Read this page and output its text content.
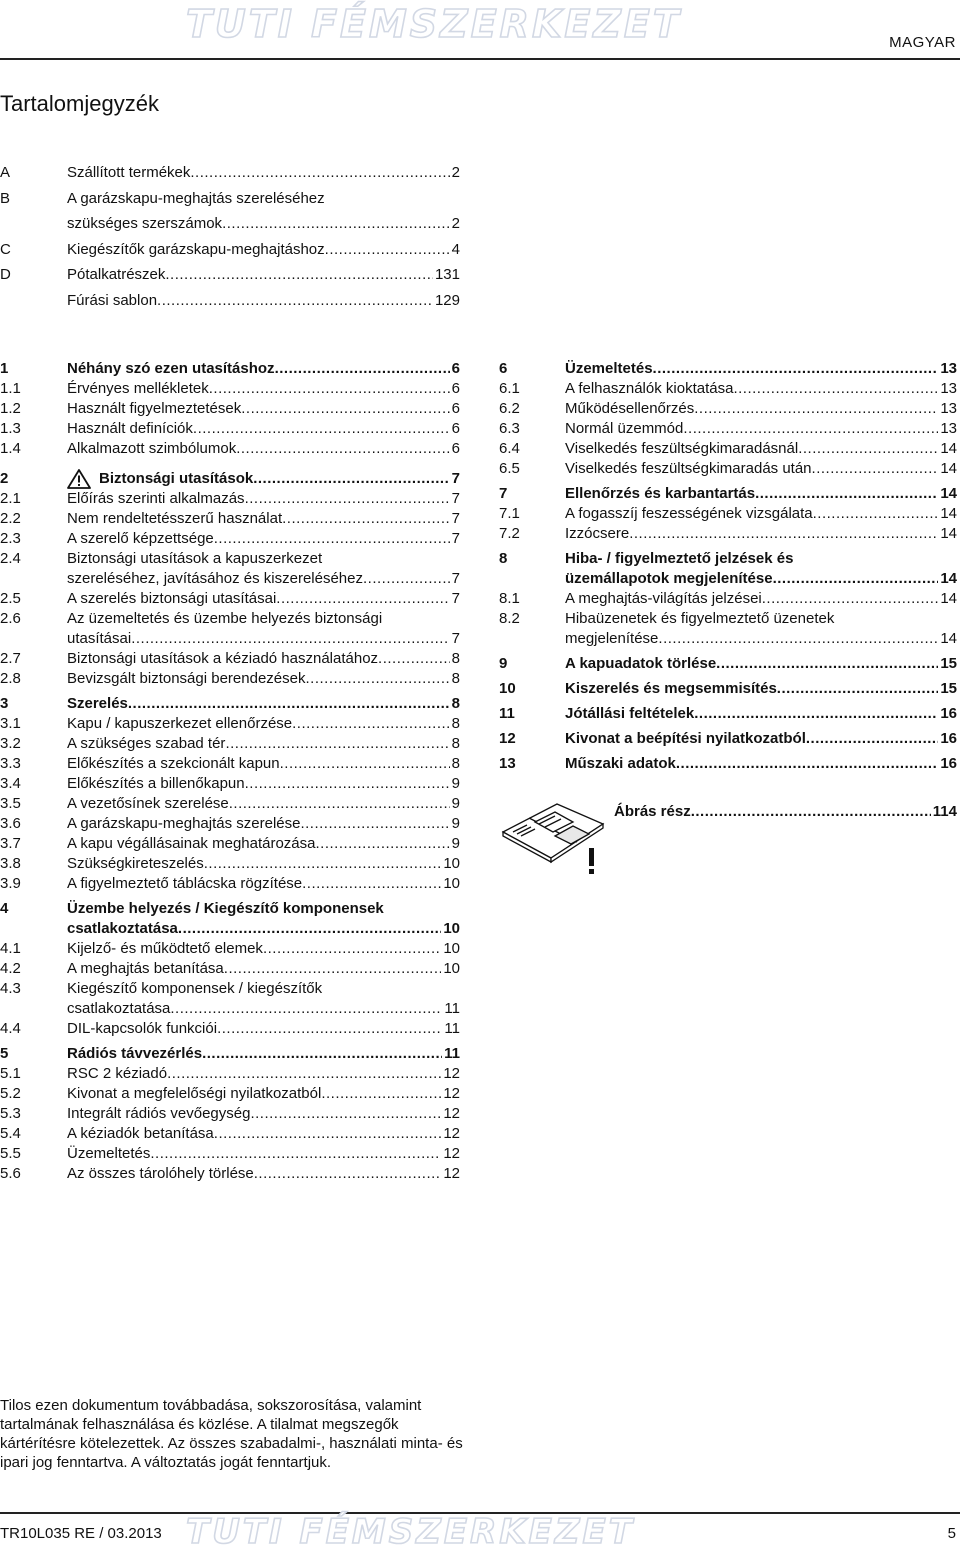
TUTI FÉMSZERKEZET	MAGYAR
Tartalomjegyzék
A	Szállított termékek .....	2
B	A garázskapu-meghajtás szereléséhez
szükséges szerszámok .....	2
C	Kiegészítők garázskapu-meghajtáshoz .....	4
D	Pótalkatrészek .....	131
Fúrási sablon .....	129
1	Néhány szó ezen utasításhoz .....	6
1.1	Érvényes mellékletek .....	6
1.2	Használt figyelmeztetések .....	6
1.3	Használt definíciók .....	6
1.4	Alkalmazott szimbólumok .....	6
2	Biztonsági utasítások .....	7
2.1	Előírás szerinti alkalmazás .....	7
2.2	Nem rendeltetésszerű használat .....	7
2.3	A szerelő képzettsége .....	7
2.4	Biztonsági utasítások a kapuszerkezet
szereléséhez, javításához és kiszereléséhez .....	7
2.5	A szerelés biztonsági utasításai .....	7
2.6	Az üzemeltetés és üzembe helyezés biztonsági
utasításai .....	7
2.7	Biztonsági utasítások a kéziadó használatához .....	8
2.8	Bevizsgált biztonsági berendezések .....	8
3	Szerelés .....	8
3.1	Kapu / kapuszerkezet ellenőrzése .....	8
3.2	A szükséges szabad tér .....	8
3.3	Előkészítés a szekcionált kapun .....	8
3.4	Előkészítés a billenőkapun .....	9
3.5	A vezetősínek szerelése .....	9
3.6	A garázskapu-meghajtás szerelése .....	9
3.7	A kapu végállásainak meghatározása .....	9
3.8	Szükségkireteszelés .....	10
3.9	A figyelmeztető táblácska rögzítése .....	10
4	Üzembe helyezés / Kiegészítő komponensek
csatlakoztatása .....	10
4.1	Kijelző- és működtető elemek .....	10
4.2	A meghajtás betanítása .....	10
4.3	Kiegészítő komponensek / kiegészítők
csatlakoztatása .....	11
4.4	DIL-kapcsolók funkciói .....	11
5	Rádiós távvezérlés .....	11
5.1	RSC 2 kéziadó .....	12
5.2	Kivonat a megfelelőségi nyilatkozatból .....	12
5.3	Integrált rádiós vevőegység .....	12
5.4	A kéziadók betanítása .....	12
5.5	Üzemeltetés .....	12
5.6	Az összes tárolóhely törlése .....	12
6	Üzemeltetés .....	13
6.1	A felhasználók kioktatása .....	13
6.2	Működésellenőrzés .....	13
6.3	Normál üzemmód .....	13
6.4	Viselkedés feszültségkimaradásnál .....	14
6.5	Viselkedés feszültségkimaradás után .....	14
7	Ellenőrzés és karbantartás .....	14
7.1	A fogasszíj feszességének vizsgálata .....	14
7.2	Izzócsere .....	14
8	Hiba- / figyelmeztető jelzések és
üzemállapotok megjelenítése .....	14
8.1	A meghajtás-világítás jelzései .....	14
8.2	Hibaüzenetek és figyelmeztető üzenetek
megjelenítése .....	14
9	A kapuadatok törlése .....	15
10	Kiszerelés és megsemmisítés .....	15
11	Jótállási feltételek .....	16
12	Kivonat a beépítési nyilatkozatból .....	16
13	Műszaki adatok .....	16
Ábrás rész .....	114
Tilos ezen dokumentum továbbadása, sokszorosítása, valamint tartalmának felhasználása és közlése. A tilalmat megszegők kártérítésre kötelezettek. Az összes szabadalmi-, használati minta- és ipari jog fenntartva. A változtatás jogát fenntartjuk.
TR10L035 RE / 03.2013 TUTI FÉMSZERKEZET	5
